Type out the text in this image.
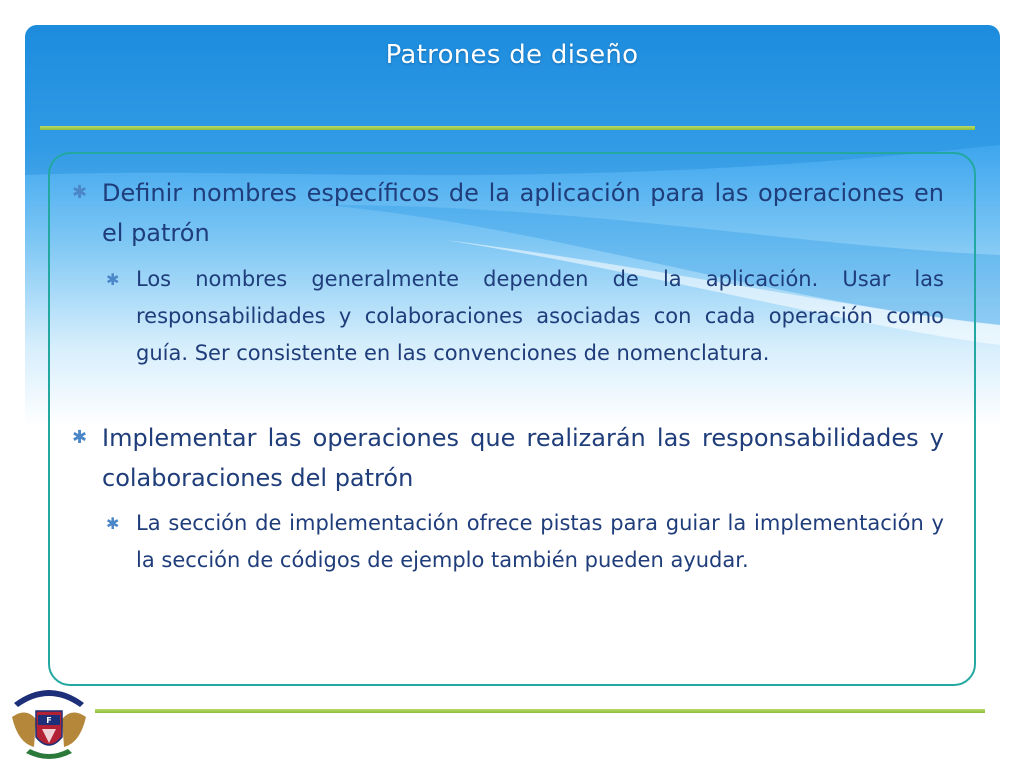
Patrones de diseño
✱ Definir nombres específicos de la aplicación para las operaciones en el patrón
✱ Los nombres generalmente dependen de la aplicación. Usar las responsabilidades y colaboraciones asociadas con cada operación como guía. Ser consistente en las convenciones de nomenclatura.
✱ Implementar las operaciones que realizarán las responsabilidades y colaboraciones del patrón
✱ La sección de implementación ofrece pistas para guiar la implementación y la sección de códigos de ejemplo también pueden ayudar.
INGENIERIA
F
